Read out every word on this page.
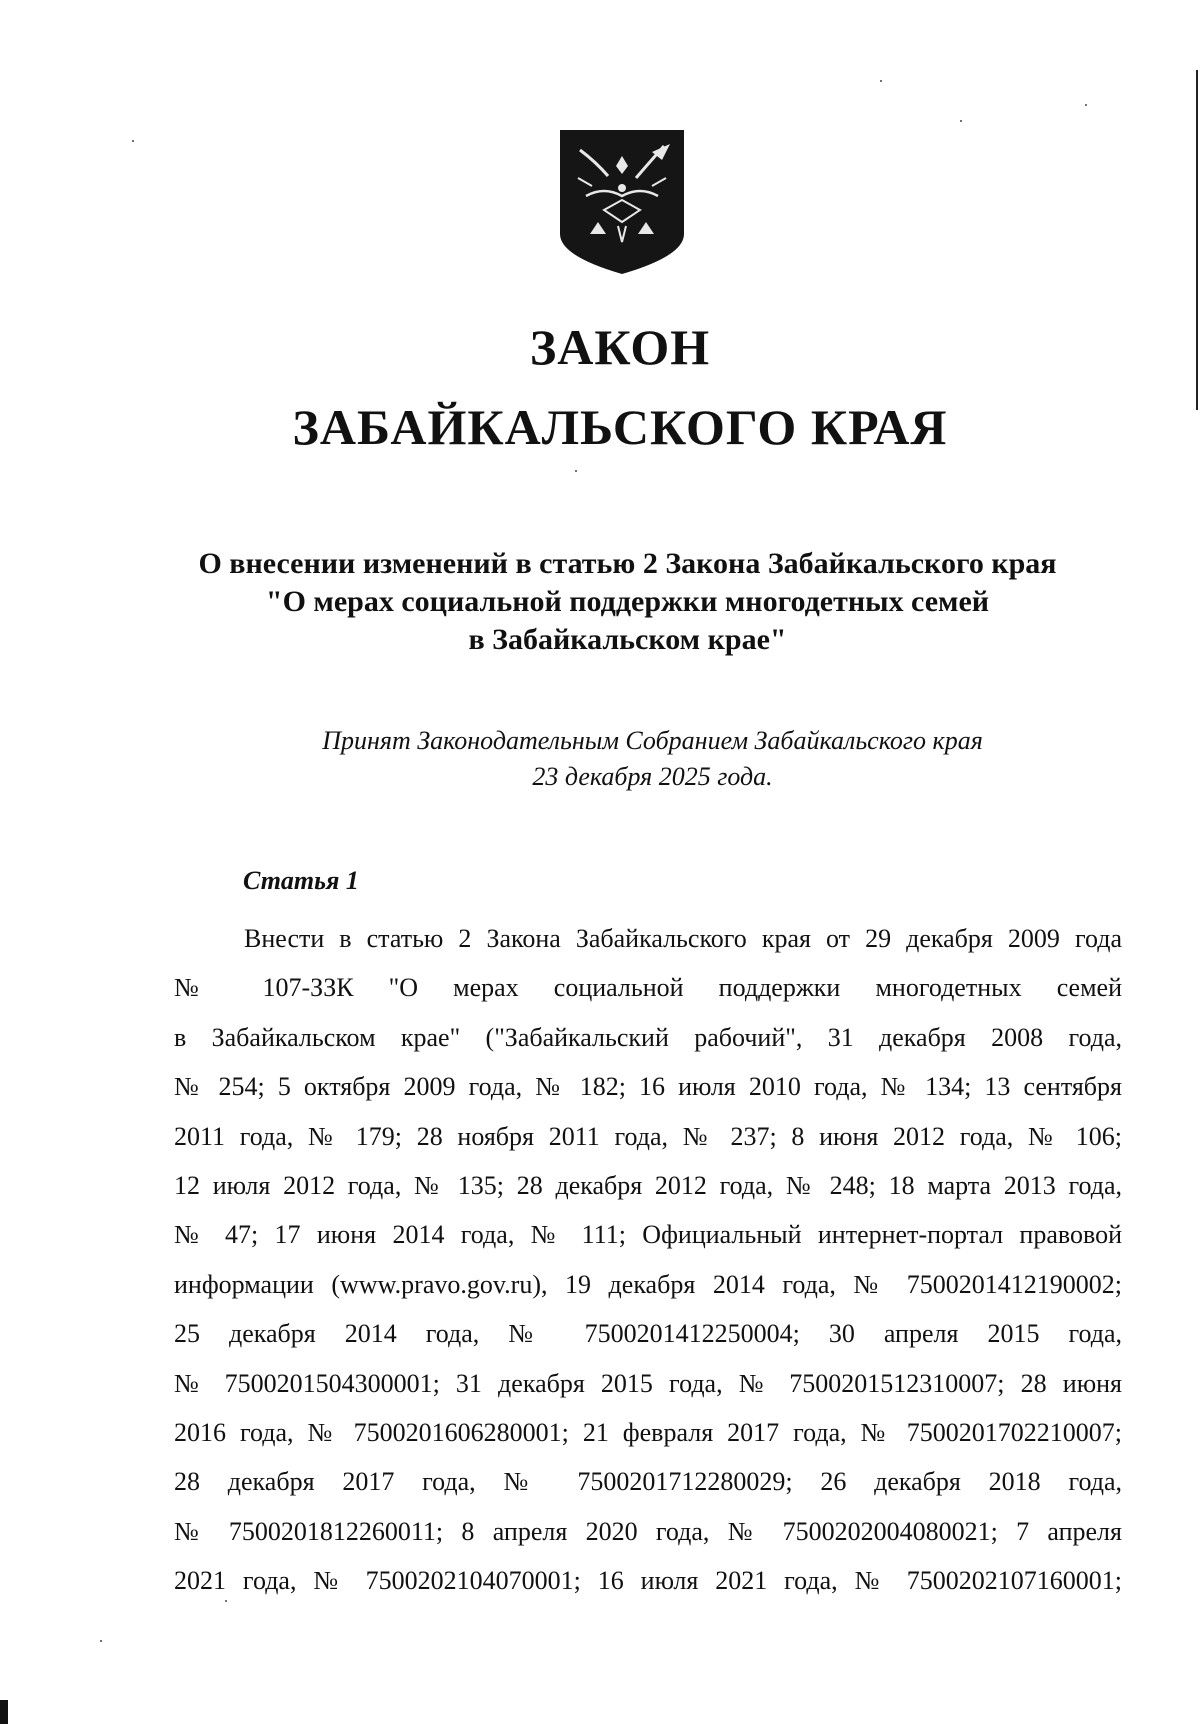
ЗАКОН
ЗАБАЙКАЛЬСКОГО КРАЯ
О внесении изменений в статью 2 Закона Забайкальского края
"О мерах социальной поддержки многодетных семей
в Забайкальском крае"
Принят Законодательным Собранием Забайкальского края
23 декабря 2025 года.
Статья 1
Внести в статью 2 Закона Забайкальского края от 29 декабря 2009 года
№ 107-ЗЗК "О мерах социальной поддержки многодетных семей
в Забайкальском крае" ("Забайкальский рабочий", 31 декабря 2008 года,
№ 254; 5 октября 2009 года, № 182; 16 июля 2010 года, № 134; 13 сентября
2011 года, № 179; 28 ноября 2011 года, № 237; 8 июня 2012 года, № 106;
12 июля 2012 года, № 135; 28 декабря 2012 года, № 248; 18 марта 2013 года,
№ 47; 17 июня 2014 года, № 111; Официальный интернет-портал правовой
информации (www.pravo.gov.ru), 19 декабря 2014 года, № 7500201412190002;
25 декабря 2014 года, № 7500201412250004; 30 апреля 2015 года,
№ 7500201504300001; 31 декабря 2015 года, № 7500201512310007; 28 июня
2016 года, № 7500201606280001; 21 февраля 2017 года, № 7500201702210007;
28 декабря 2017 года, № 7500201712280029; 26 декабря 2018 года,
№ 7500201812260011; 8 апреля 2020 года, № 7500202004080021; 7 апреля
2021 года, № 7500202104070001; 16 июля 2021 года, № 7500202107160001;
